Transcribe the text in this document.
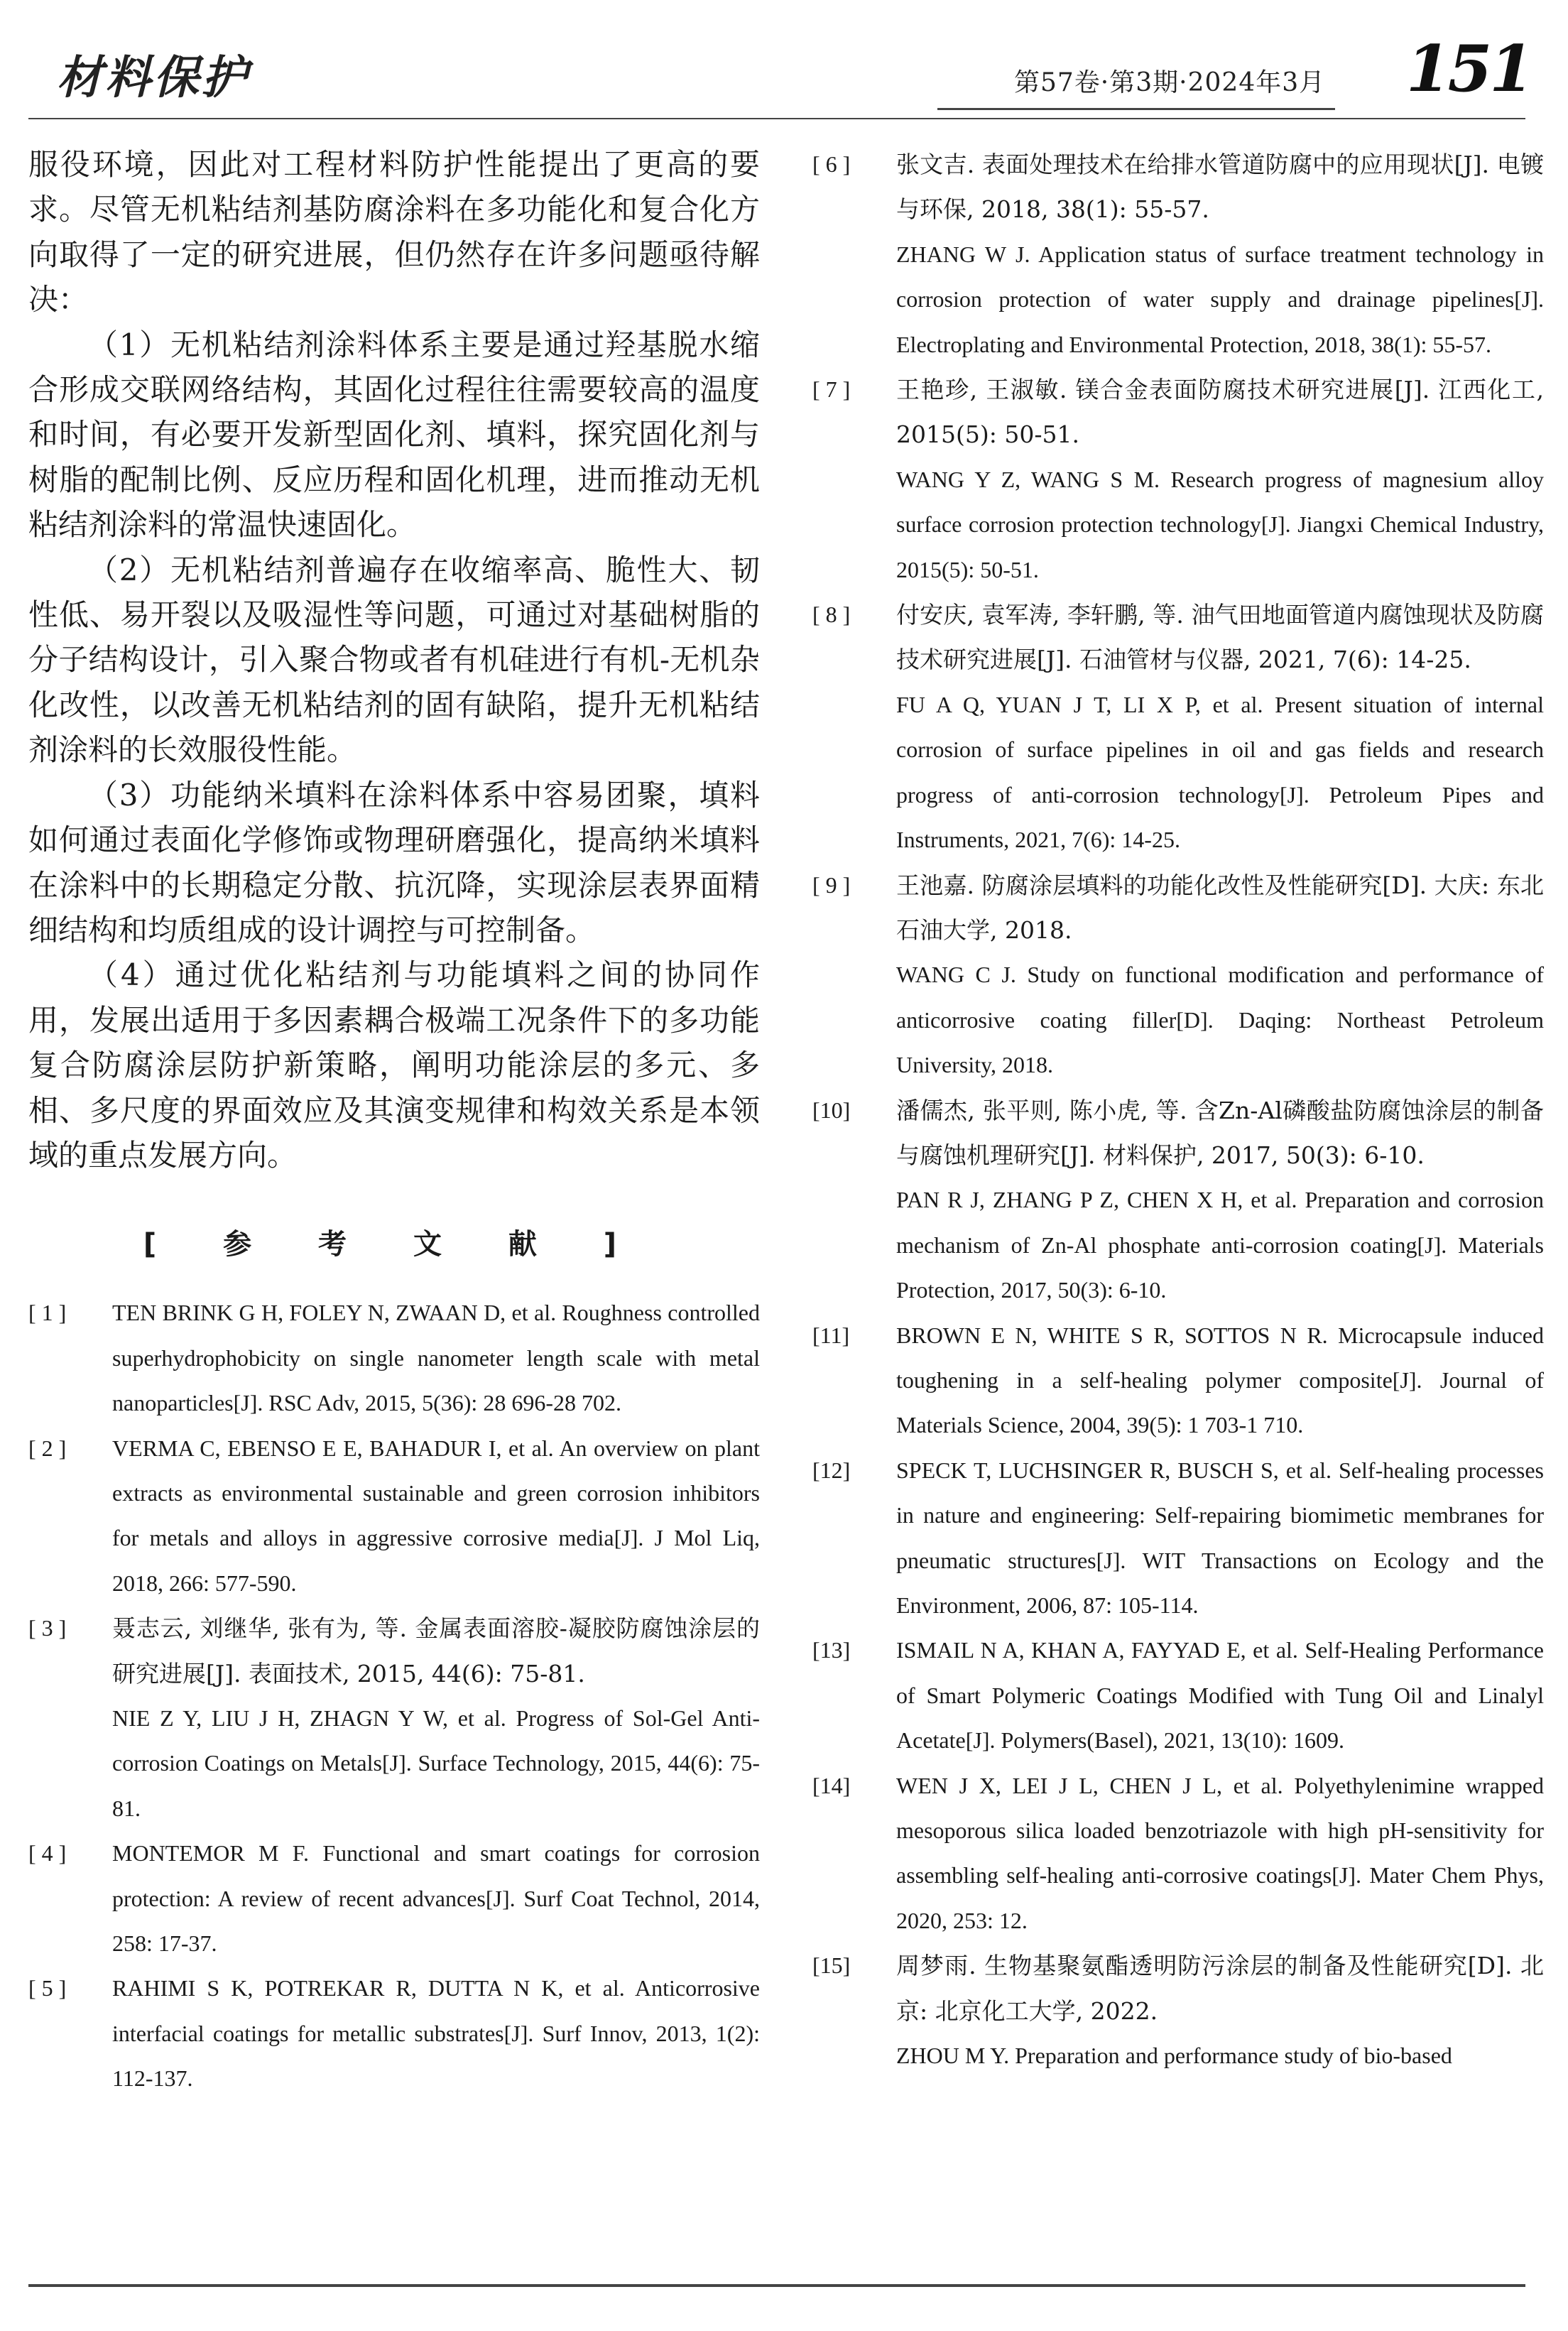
材料保护	第57卷·第3期·2024年3月 151

服役环境，因此对工程材料防护性能提出了更高的要求。尽管无机粘结剂基防腐涂料在多功能化和复合化方向取得了一定的研究进展，但仍然存在许多问题亟待解决：

（1）无机粘结剂涂料体系主要是通过羟基脱水缩合形成交联网络结构，其固化过程往往需要较高的温度和时间，有必要开发新型固化剂、填料，探究固化剂与树脂的配制比例、反应历程和固化机理，进而推动无机粘结剂涂料的常温快速固化。

（2）无机粘结剂普遍存在收缩率高、脆性大、韧性低、易开裂以及吸湿性等问题，可通过对基础树脂的分子结构设计，引入聚合物或者有机硅进行有机-无机杂化改性，以改善无机粘结剂的固有缺陷，提升无机粘结剂涂料的长效服役性能。

（3）功能纳米填料在涂料体系中容易团聚，填料如何通过表面化学修饰或物理研磨强化，提高纳米填料在涂料中的长期稳定分散、抗沉降，实现涂层表界面精细结构和均质组成的设计调控与可控制备。

（4）通过优化粘结剂与功能填料之间的协同作用，发展出适用于多因素耦合极端工况条件下的多功能复合防腐涂层防护新策略，阐明功能涂层的多元、多相、多尺度的界面效应及其演变规律和构效关系是本领域的重点发展方向。

[ 参 考 文 献 ]
[ 1 ]	TEN BRINK G H, FOLEY N, ZWAAN D, et al. Roughness controlled superhydrophobicity on single nanometer length scale with metal nanoparticles[J]. RSC Adv, 2015, 5(36): 28 696-28 702.
[ 2 ]	VERMA C, EBENSO E E, BAHADUR I, et al. An overview on plant extracts as environmental sustainable and green corrosion inhibitors for metals and alloys in aggressive corrosive media[J]. J Mol Liq, 2018, 266: 577-590.
[ 3 ]	聂志云, 刘继华, 张有为, 等. 金属表面溶胶-凝胶防腐蚀涂层的研究进展[J]. 表面技术, 2015, 44(6): 75-81.
NIE Z Y, LIU J H, ZHAGN Y W, et al. Progress of Sol-Gel Anti-corrosion Coatings on Metals[J]. Surface Technology, 2015, 44(6): 75-81.
[ 4 ]	MONTEMOR M F. Functional and smart coatings for corrosion protection: A review of recent advances[J]. Surf Coat Technol, 2014, 258: 17-37.
[ 5 ]	RAHIMI S K, POTREKAR R, DUTTA N K, et al. Anticorrosive interfacial coatings for metallic substrates[J]. Surf Innov, 2013, 1(2): 112-137.
[ 6 ]	张文吉. 表面处理技术在给排水管道防腐中的应用现状[J]. 电镀与环保, 2018, 38(1): 55-57.
ZHANG W J. Application status of surface treatment technology in corrosion protection of water supply and drainage pipelines[J]. Electroplating and Environmental Protection, 2018, 38(1): 55-57.
[ 7 ]	王艳珍, 王淑敏. 镁合金表面防腐技术研究进展[J]. 江西化工, 2015(5): 50-51.
WANG Y Z, WANG S M. Research progress of magnesium alloy surface corrosion protection technology[J]. Jiangxi Chemical Industry, 2015(5): 50-51.
[ 8 ]	付安庆, 袁军涛, 李轩鹏, 等. 油气田地面管道内腐蚀现状及防腐技术研究进展[J]. 石油管材与仪器, 2021, 7(6): 14-25.
FU A Q, YUAN J T, LI X P, et al. Present situation of internal corrosion of surface pipelines in oil and gas fields and research progress of anti-corrosion technology[J]. Petroleum Pipes and Instruments, 2021, 7(6): 14-25.
[ 9 ]	王池嘉. 防腐涂层填料的功能化改性及性能研究[D]. 大庆: 东北石油大学, 2018.
WANG C J. Study on functional modification and performance of anticorrosive coating filler[D]. Daqing: Northeast Petroleum University, 2018.
[10]	潘儒杰, 张平则, 陈小虎, 等. 含Zn-Al磷酸盐防腐蚀涂层的制备与腐蚀机理研究[J]. 材料保护, 2017, 50(3): 6-10.
PAN R J, ZHANG P Z, CHEN X H, et al. Preparation and corrosion mechanism of Zn-Al phosphate anti-corrosion coating[J]. Materials Protection, 2017, 50(3): 6-10.
[11]	BROWN E N, WHITE S R, SOTTOS N R. Microcapsule induced toughening in a self-healing polymer composite[J]. Journal of Materials Science, 2004, 39(5): 1 703-1 710.
[12]	SPECK T, LUCHSINGER R, BUSCH S, et al. Self-healing processes in nature and engineering: Self-repairing biomimetic membranes for pneumatic structures[J]. WIT Transactions on Ecology and the Environment, 2006, 87: 105-114.
[13]	ISMAIL N A, KHAN A, FAYYAD E, et al. Self-Healing Performance of Smart Polymeric Coatings Modified with Tung Oil and Linalyl Acetate[J]. Polymers(Basel), 2021, 13(10): 1609.
[14]	WEN J X, LEI J L, CHEN J L, et al. Polyethylenimine wrapped mesoporous silica loaded benzotriazole with high pH-sensitivity for assembling self-healing anti-corrosive coatings[J]. Mater Chem Phys, 2020, 253: 12.
[15]	周梦雨. 生物基聚氨酯透明防污涂层的制备及性能研究[D]. 北京: 北京化工大学, 2022.
ZHOU M Y. Preparation and performance study of bio-based
